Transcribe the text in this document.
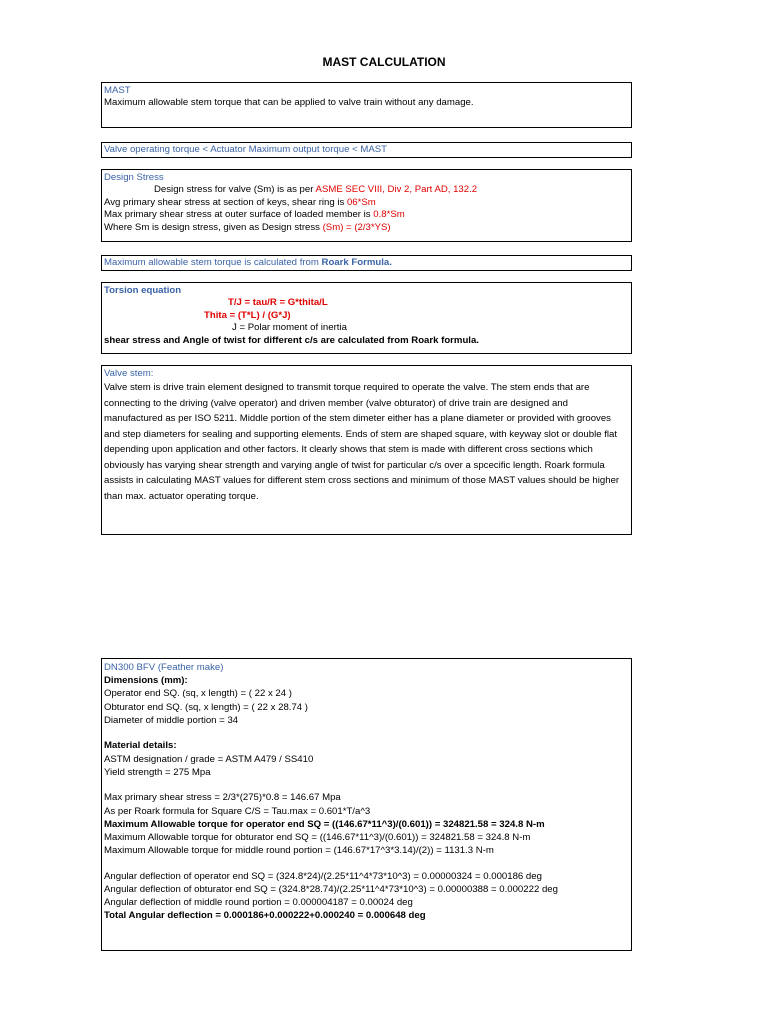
MAST CALCULATION

MAST

Maximum allowable stem torque that can be applied to valve train without any damage.

Valve operating torque < Actuator Maximum output torque < MAST

Design Stress

Design stress for valve (Sm) is as per ASME SEC VIII, Div 2, Part AD, 132.2

Avg primary shear stress at section of keys, shear ring is 06*Sm

Max primary shear stress at outer surface of loaded member is 0.8*Sm

Where Sm is design stress, given as Design stress (Sm) = (2/3*YS)

Maximum allowable stem torque is calculated from Roark Formula.

Torsion equation

T/J = tau/R = G*thita/L

Thita = (T*L) / (G*J)

J = Polar moment of inertia

shear stress and Angle of twist for different c/s are calculated from Roark formula.

Valve stem:

Valve stem is drive train element designed to transmit torque required to operate the valve. The stem ends that are

connecting to the driving (valve operator) and driven member (valve obturator) of drive train are designed and

manufactured as per ISO 5211. Middle portion of the stem dimeter either has a plane diameter or provided with grooves

and step diameters for sealing and supporting elements. Ends of stem are shaped square, with keyway slot or double flat

depending upon application and other factors. It clearly shows that stem is made with different cross sections which

obviously has varying shear strength and varying angle of twist for particular c/s over a spcecific length. Roark formula

assists in calculating MAST values for different stem cross sections and minimum of those MAST values should be higher

than max. actuator operating torque.

DN300 BFV (Feather make)

Dimensions (mm):

Operator end SQ. (sq, x length) = ( 22 x 24 )

Obturator end SQ. (sq, x length) = ( 22 x 28.74 )

Diameter of middle portion = 34

Material details:

ASTM designation / grade = ASTM A479 / SS410

Yield strength = 275 Mpa

Max primary shear stress = 2/3*(275)*0.8 = 146.67 Mpa

As per Roark formula for Square C/S = Tau.max = 0.601*T/a^3

Maximum Allowable torque for operator end SQ = ((146.67*11^3)/(0.601)) = 324821.58 = 324.8 N-m

Maximum Allowable torque for obturator end SQ = ((146.67*11^3)/(0.601)) = 324821.58 = 324.8 N-m

Maximum Allowable torque for middle round portion = (146.67*17^3*3.14)/(2)) = 1131.3 N-m

Angular deflection of operator end SQ = (324.8*24)/(2.25*11^4*73*10^3) = 0.00000324 = 0.000186 deg

Angular deflection of obturator end SQ = (324.8*28.74)/(2.25*11^4*73*10^3) = 0.00000388 = 0.000222 deg

Angular deflection of middle round portion = 0.000004187 = 0.00024 deg

Total Angular deflection = 0.000186+0.000222+0.000240 = 0.000648 deg
